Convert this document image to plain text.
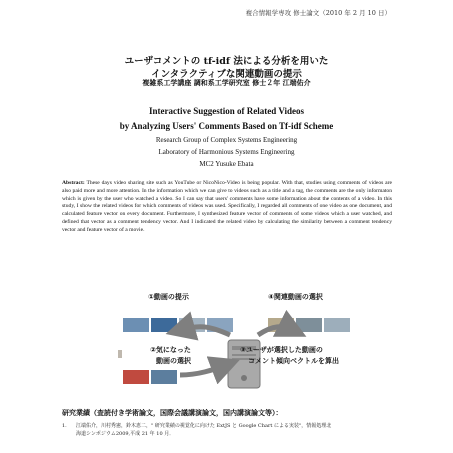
複合情報学専攻 修士論文（2010 年 2 月 10 日）
ユーザコメントの tf-idf 法による分析を用いた
インタラクティブな関連動画の提示
複雑系工学講座 調和系工学研究室 修士２年 江端佑介
Interactive Suggestion of Related Videos
by Analyzing Users' Comments Based on Tf-idf Scheme
Research Group of Complex Systems Engineering
Laboratory of Harmonious Systems Engineering
MC2 Yusuke Ebata
Abstract: These days video sharing site such as YouTube or NicoNico-Video is being popular. With that, studies using comments of videos are also paid more and more attention. In the information which we can give to videos such as a title and a tag, the comments are the only informaton which is given by the user who watched a video. So I can say that users' comments have some information about the contents of a video. In this study, I show the related videos for which comments of videos was used. Specifically, I regarded all comments of one video as one document, and calculated feature vector on every document. Furthermore, I synthesized feature vector of comments of some videos which a user watched, and defined that vector as a comment tendency vector. And I indicated the related video by calculating the similarity between a comment tendency vector and feature vector of a movie.
①動画の提示	④関連動画の選択
②気になった
動画の選択
③ユーザが選択した動画の
コメント傾向ベクトルを算出
研究業績（査読付き学術論文，国際会議講演論文，国内講演論文等）：
1. 江端佑介，川村秀憲，鈴木恵二，" 研究業績の視覚化に向けた ExtJS と Google Chart による実装"，情報処理北
海道シンポジウム2009,平成 21 年 10 月．
